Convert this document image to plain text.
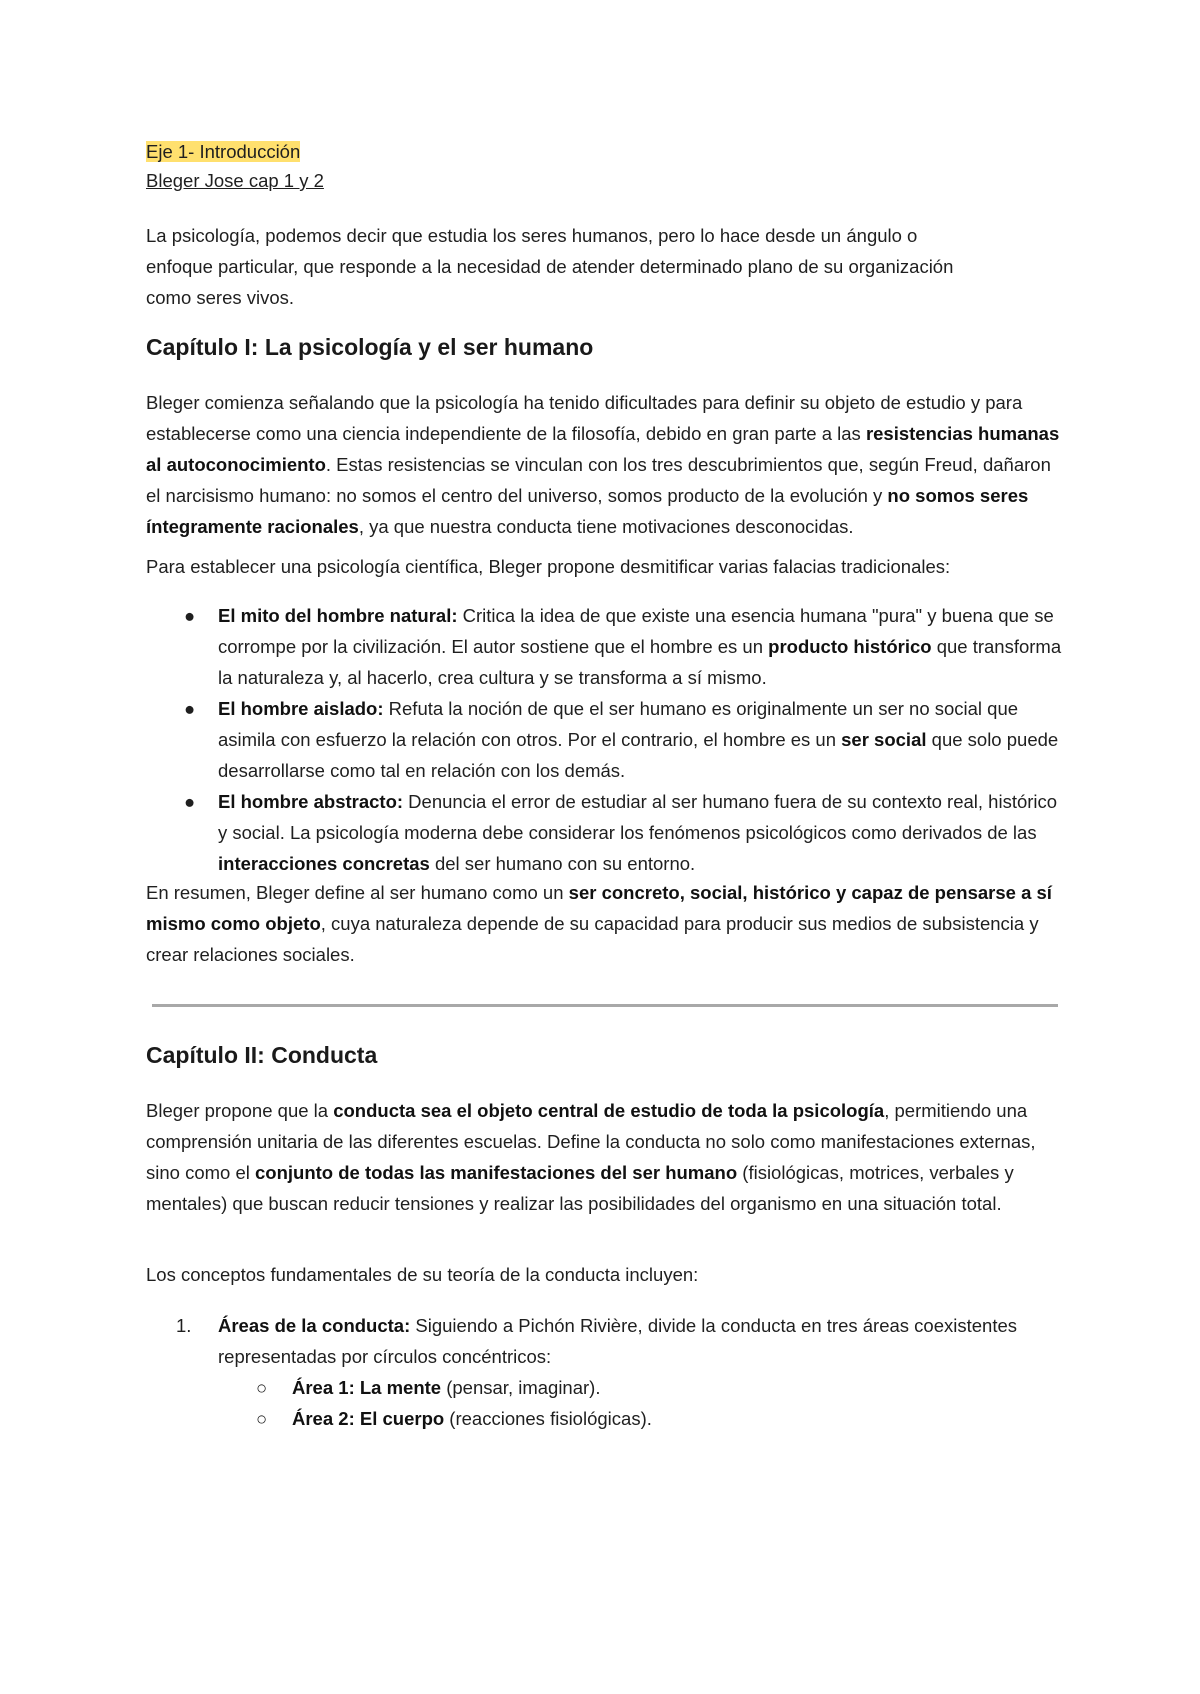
Eje 1- Introducción

Bleger Jose cap 1 y 2

La psicología, podemos decir que estudia los seres humanos, pero lo hace desde un ángulo o enfoque particular, que responde a la necesidad de atender determinado plano de su organización como seres vivos.

Capítulo I: La psicología y el ser humano

Bleger comienza señalando que la psicología ha tenido dificultades para definir su objeto de estudio y para establecerse como una ciencia independiente de la filosofía, debido en gran parte a las resistencias humanas al autoconocimiento. Estas resistencias se vinculan con los tres descubrimientos que, según Freud, dañaron el narcisismo humano: no somos el centro del universo, somos producto de la evolución y no somos seres íntegramente racionales, ya que nuestra conducta tiene motivaciones desconocidas.

Para establecer una psicología científica, Bleger propone desmitificar varias falacias tradicionales:

● El mito del hombre natural: Critica la idea de que existe una esencia humana "pura" y buena que se corrompe por la civilización. El autor sostiene que el hombre es un producto histórico que transforma la naturaleza y, al hacerlo, crea cultura y se transforma a sí mismo.
● El hombre aislado: Refuta la noción de que el ser humano es originalmente un ser no social que asimila con esfuerzo la relación con otros. Por el contrario, el hombre es un ser social que solo puede desarrollarse como tal en relación con los demás.
● El hombre abstracto: Denuncia el error de estudiar al ser humano fuera de su contexto real, histórico y social. La psicología moderna debe considerar los fenómenos psicológicos como derivados de las interacciones concretas del ser humano con su entorno.

En resumen, Bleger define al ser humano como un ser concreto, social, histórico y capaz de pensarse a sí mismo como objeto, cuya naturaleza depende de su capacidad para producir sus medios de subsistencia y crear relaciones sociales.

Capítulo II: Conducta

Bleger propone que la conducta sea el objeto central de estudio de toda la psicología, permitiendo una comprensión unitaria de las diferentes escuelas. Define la conducta no solo como manifestaciones externas, sino como el conjunto de todas las manifestaciones del ser humano (fisiológicas, motrices, verbales y mentales) que buscan reducir tensiones y realizar las posibilidades del organismo en una situación total.

Los conceptos fundamentales de su teoría de la conducta incluyen:

1. Áreas de la conducta: Siguiendo a Pichón Rivière, divide la conducta en tres áreas coexistentes representadas por círculos concéntricos:
○ Área 1: La mente (pensar, imaginar).
○ Área 2: El cuerpo (reacciones fisiológicas).
